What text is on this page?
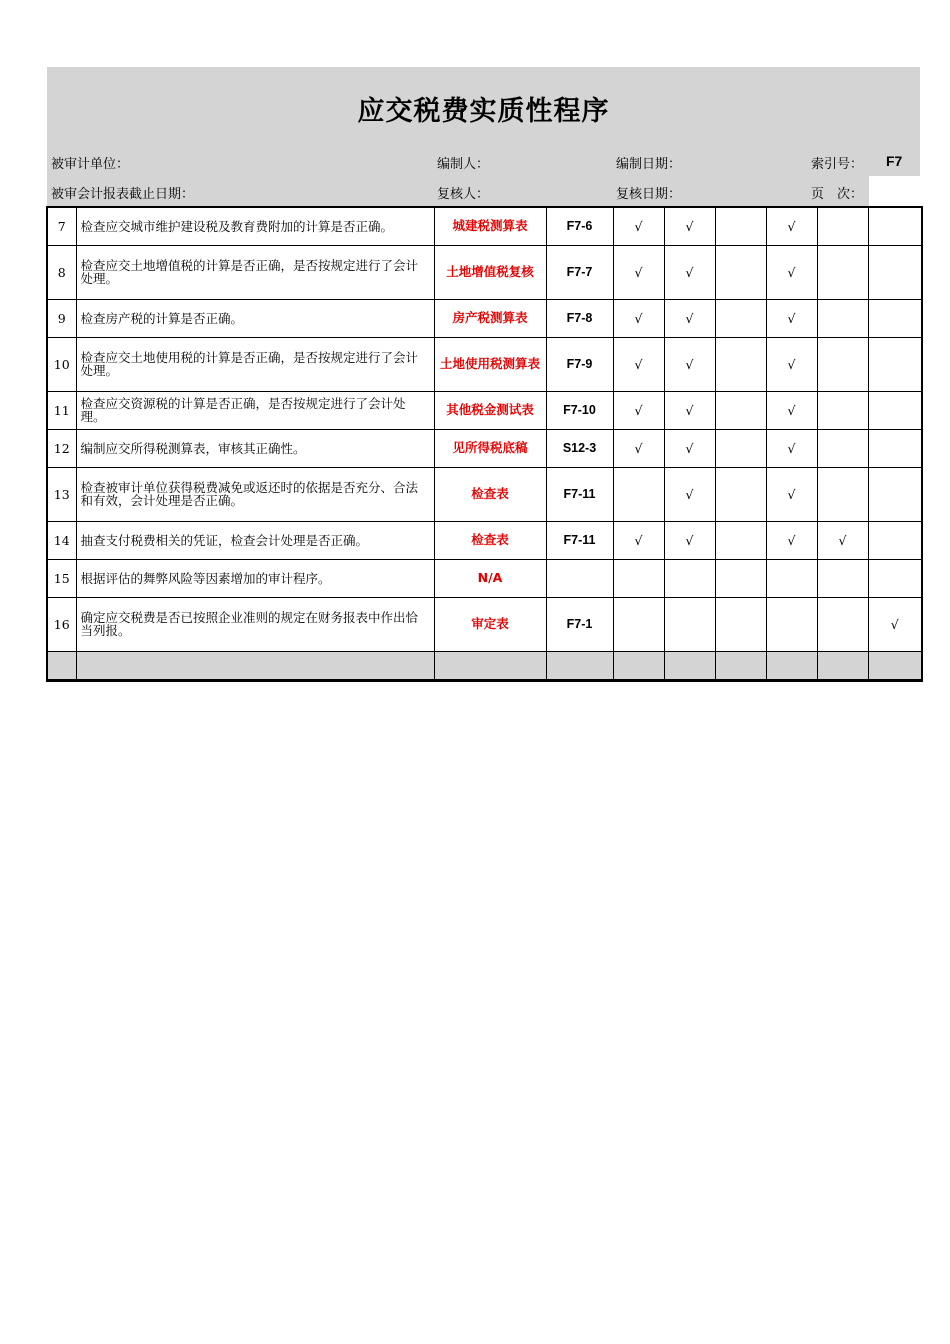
应交税费实质性程序
被审计单位：	编制人：	编制日期：	索引号： F7
被审会计报表截止日期：	复核人：	复核日期：	页　次：
7	检查应交城市维护建设税及教育费附加的计算是否正确。	城建税测算表	F7-6	√	√		√		
8	检查应交土地增值税的计算是否正确，是否按规定进行了会计处理。	土地增值税复核	F7-7	√	√		√		
9	检查房产税的计算是否正确。	房产税测算表	F7-8	√	√		√		
10	检查应交土地使用税的计算是否正确，是否按规定进行了会计处理。	土地使用税测算表	F7-9	√	√		√		
11	检查应交资源税的计算是否正确，是否按规定进行了会计处理。	其他税金测试表	F7-10	√	√		√		
12	编制应交所得税测算表，审核其正确性。	见所得税底稿	S12-3	√	√		√		
13	检查被审计单位获得税费减免或返还时的依据是否充分、合法和有效，会计处理是否正确。	检查表	F7-11		√		√		
14	抽查支付税费相关的凭证，检查会计处理是否正确。	检查表	F7-11	√	√		√	√	
15	根据评估的舞弊风险等因素增加的审计程序。	N/A							
16	确定应交税费是否已按照企业准则的规定在财务报表中作出恰当列报。	审定表	F7-1						√
